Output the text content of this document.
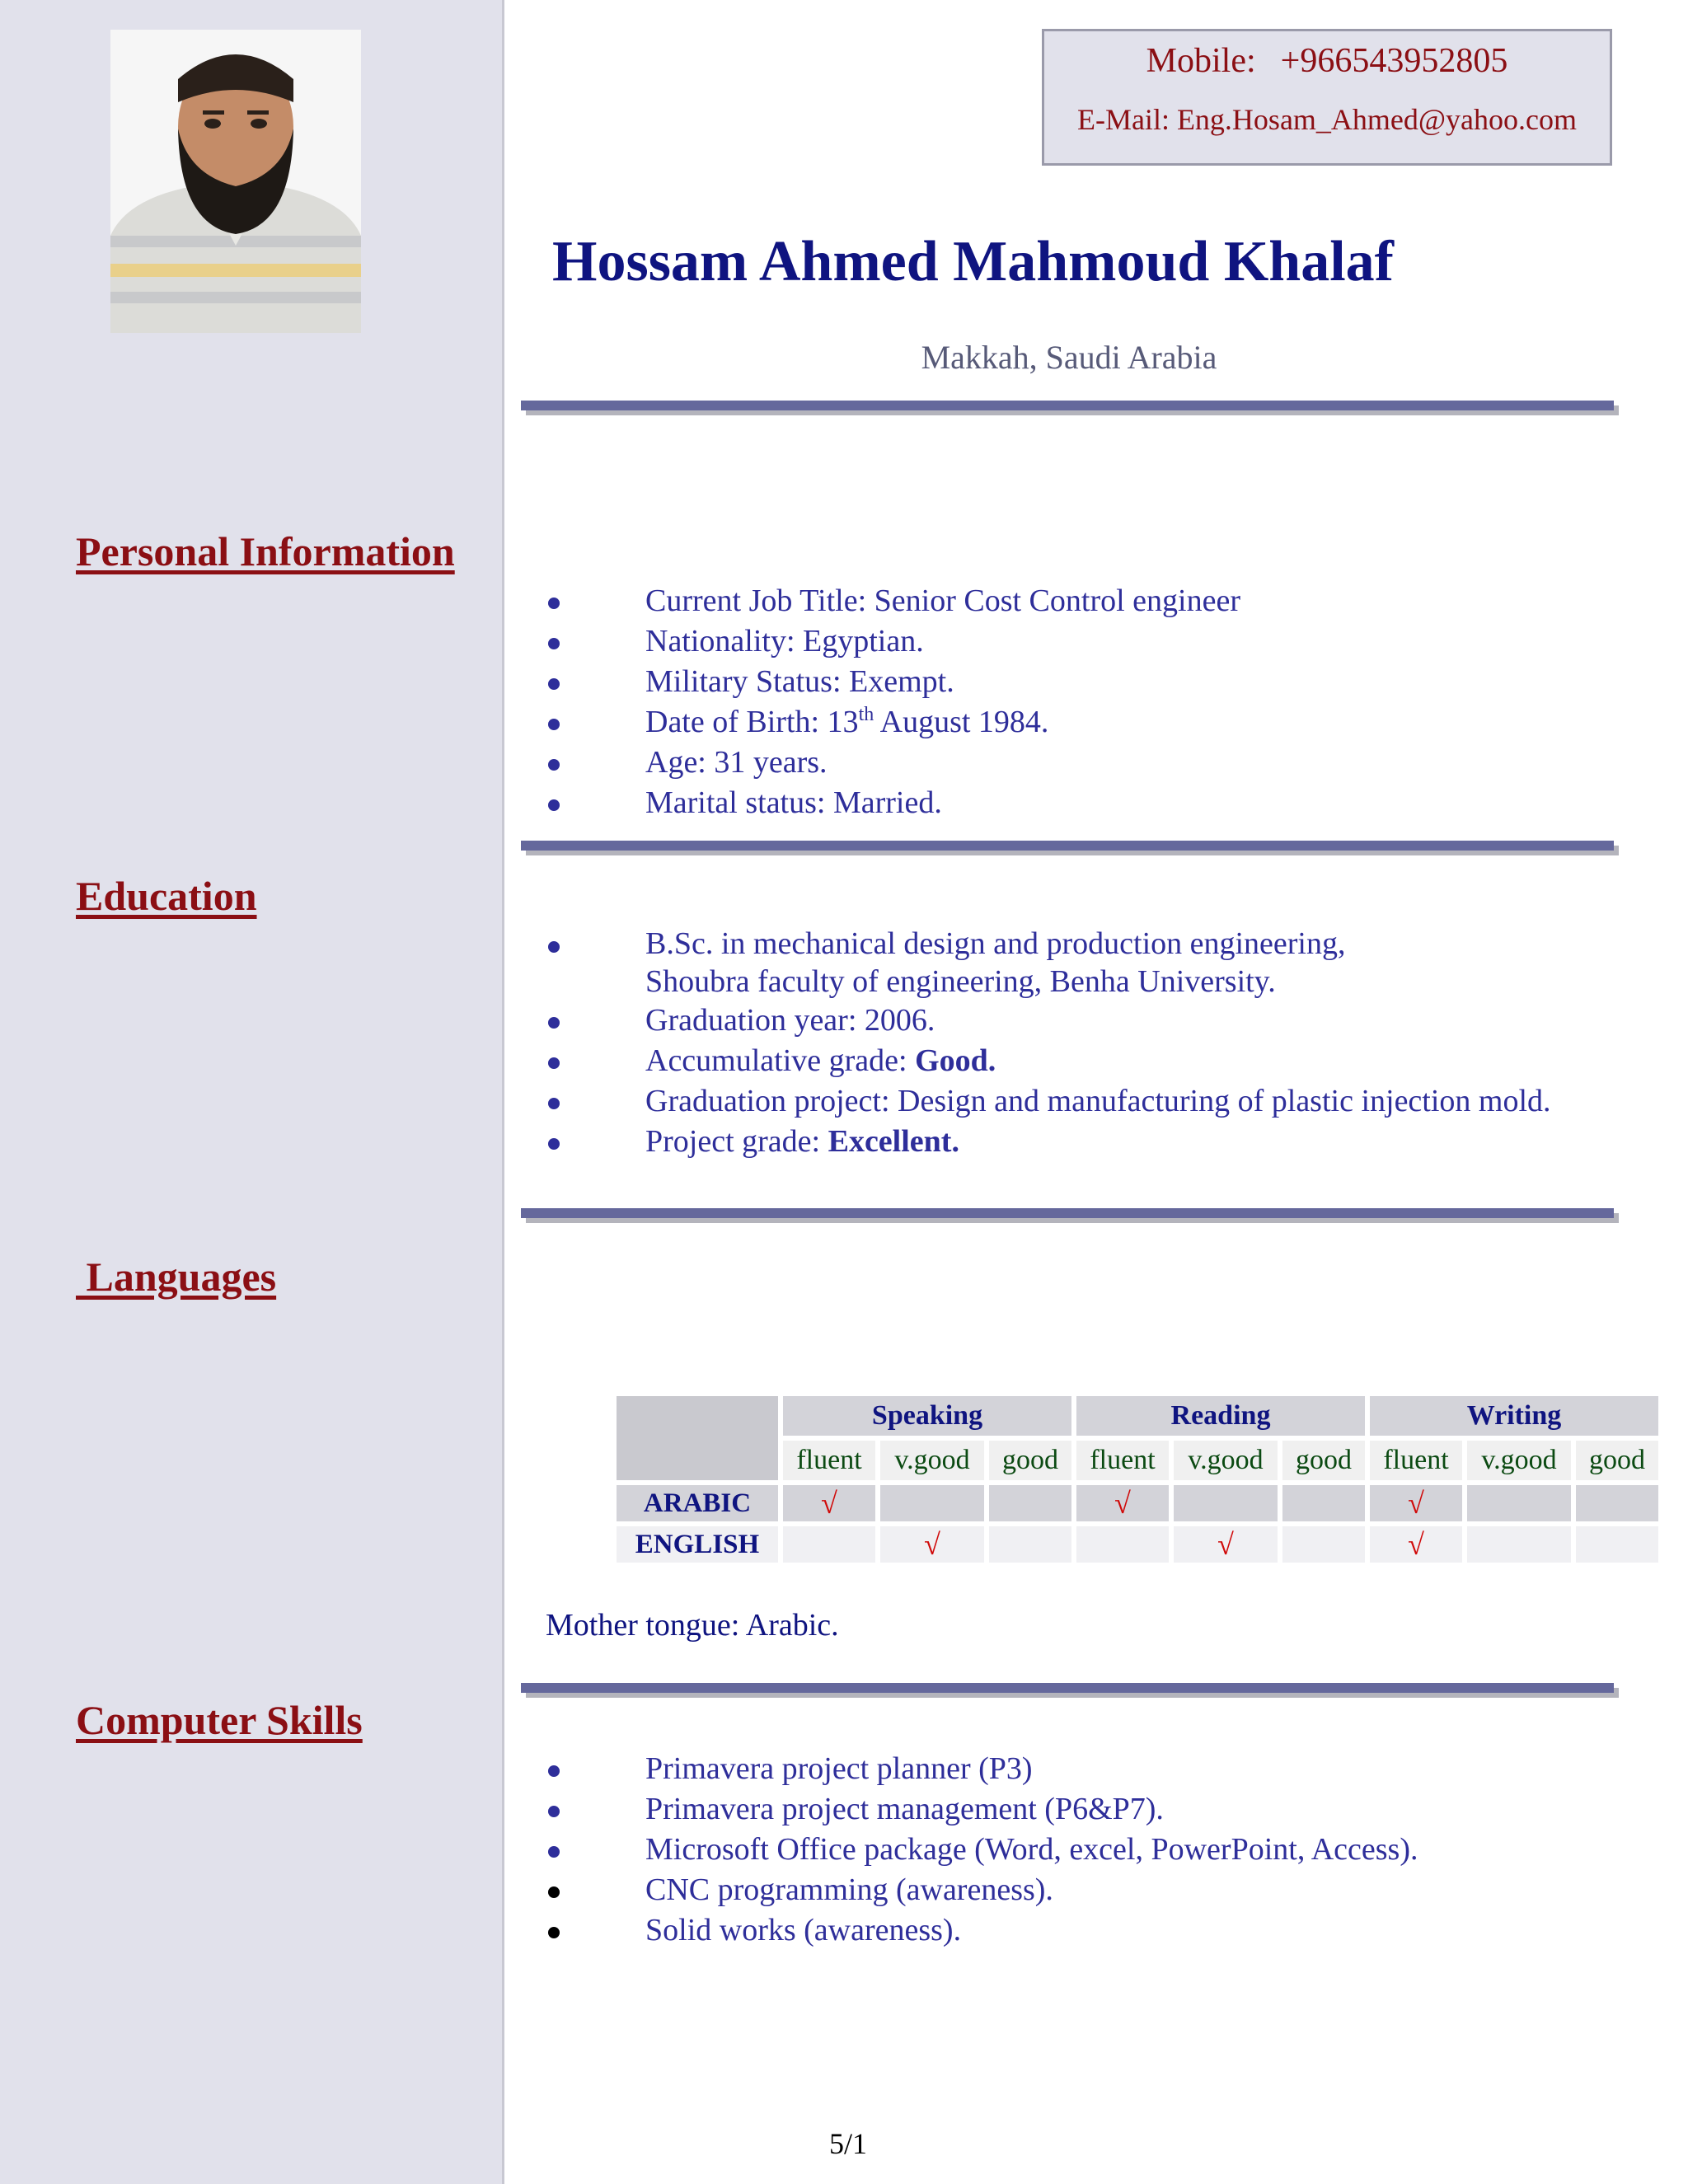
Personal Information
Education
Languages
Computer Skills
Mobile: +966543952805
E-Mail: Eng.Hosam_Ahmed@yahoo.com
Hossam Ahmed Mahmoud Khalaf
Makkah, Saudi Arabia
Current Job Title: Senior Cost Control engineer
Nationality: Egyptian.
Military Status: Exempt.
Date of Birth: 13th August 1984.
Age: 31 years.
Marital status: Married.
B.Sc. in mechanical design and production engineering,
Shoubra faculty of engineering, Benha University.
Graduation year: 2006.
Accumulative grade: Good.
Graduation project: Design and manufacturing of plastic injection mold.
Project grade: Excellent.
	Speaking			Reading			Writing		
	fluent	v.good	good	fluent	v.good	good	fluent	v.good	good
ARABIC	√			√			√		
ENGLISH		√			√		√		
Mother tongue: Arabic.
Primavera project planner (P3)
Primavera project management (P6&P7).
Microsoft Office package (Word, excel, PowerPoint, Access).
CNC programming (awareness).
Solid works (awareness).
5/1
